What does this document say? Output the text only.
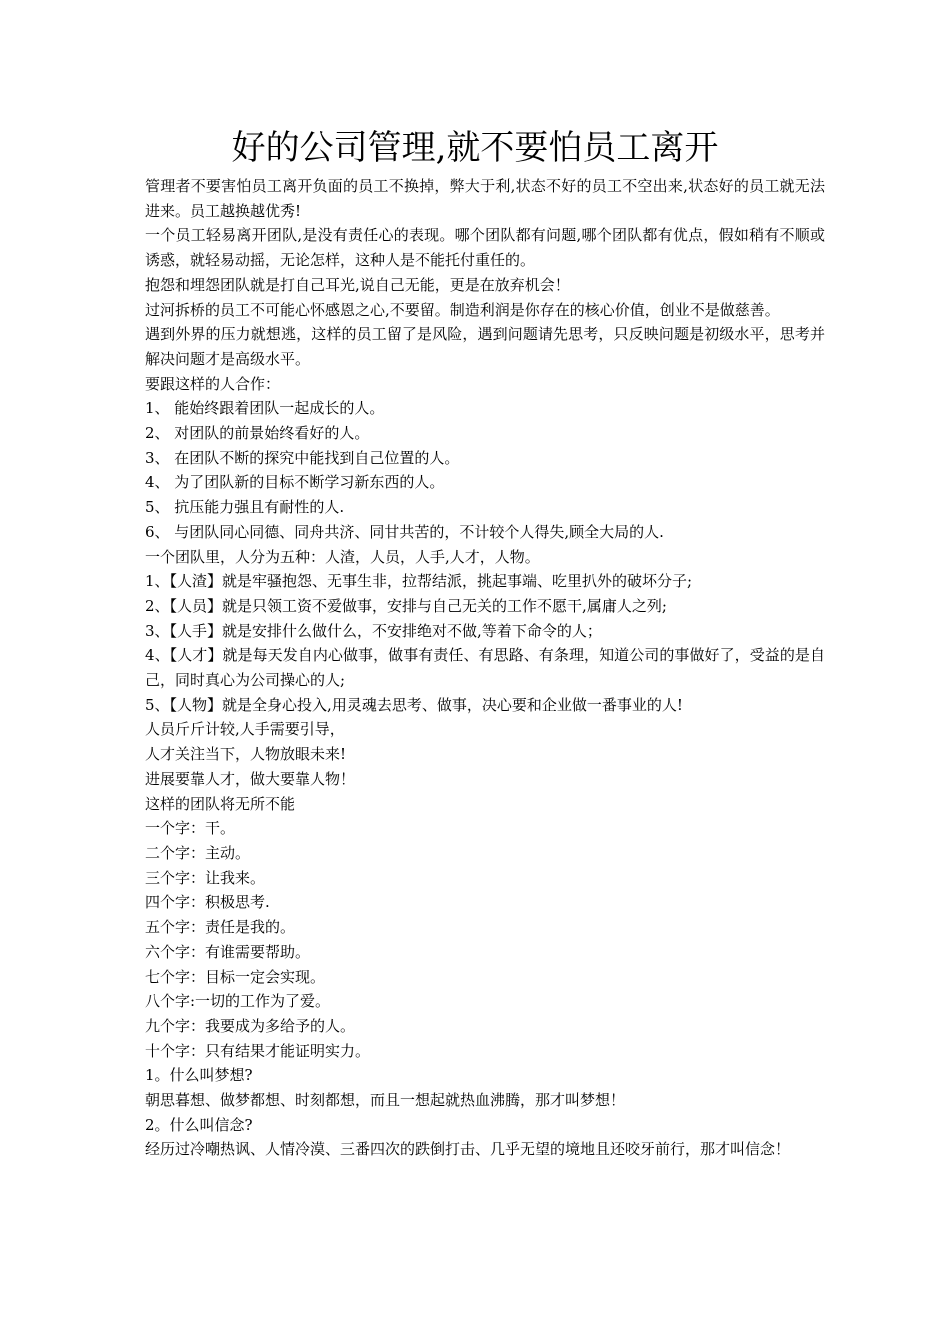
好的公司管理,就不要怕员工离开

管理者不要害怕员工离开负面的员工不换掉，弊大于利,状态不好的员工不空出来,状态好的员工就无法进来。员工越换越优秀!

一个员工轻易离开团队,是没有责任心的表现。哪个团队都有问题,哪个团队都有优点，假如稍有不顺或诱惑，就轻易动摇，无论怎样，这种人是不能托付重任的。

抱怨和埋怨团队就是打自己耳光,说自己无能，更是在放弃机会！

过河拆桥的员工不可能心怀感恩之心,不要留。制造利润是你存在的核心价值，创业不是做慈善。

遇到外界的压力就想逃，这样的员工留了是风险，遇到问题请先思考，只反映问题是初级水平，思考并解决问题才是高级水平。

要跟这样的人合作：

1、 能始终跟着团队一起成长的人。

2、 对团队的前景始终看好的人。

3、 在团队不断的探究中能找到自己位置的人。

4、 为了团队新的目标不断学习新东西的人。

5、 抗压能力强且有耐性的人.

6、 与团队同心同德、同舟共济、同甘共苦的，不计较个人得失,顾全大局的人.

一个团队里，人分为五种：人渣，人员，人手,人才，人物。

1、【人渣】就是牢骚抱怨、无事生非，拉帮结派，挑起事端、吃里扒外的破坏分子;

2、【人员】就是只领工资不爱做事，安排与自己无关的工作不愿干,属庸人之列;

3、【人手】就是安排什么做什么，不安排绝对不做,等着下命令的人；

4、【人才】就是每天发自内心做事，做事有责任、有思路、有条理，知道公司的事做好了，受益的是自己，同时真心为公司操心的人;

5、【人物】就是全身心投入,用灵魂去思考、做事，决心要和企业做一番事业的人!

人员斤斤计较,人手需要引导，

人才关注当下，人物放眼未来!

进展要靠人才，做大要靠人物！

这样的团队将无所不能

一个字：干。

二个字：主动。

三个字：让我来。

四个字：积极思考.

五个字：责任是我的。

六个字：有谁需要帮助。

七个字：目标一定会实现。

八个字:一切的工作为了爱。

九个字：我要成为多给予的人。

十个字：只有结果才能证明实力。

1。什么叫梦想?

朝思暮想、做梦都想、时刻都想，而且一想起就热血沸腾，那才叫梦想！

2。什么叫信念?

经历过冷嘲热讽、人情冷漠、三番四次的跌倒打击、几乎无望的境地且还咬牙前行，那才叫信念！
